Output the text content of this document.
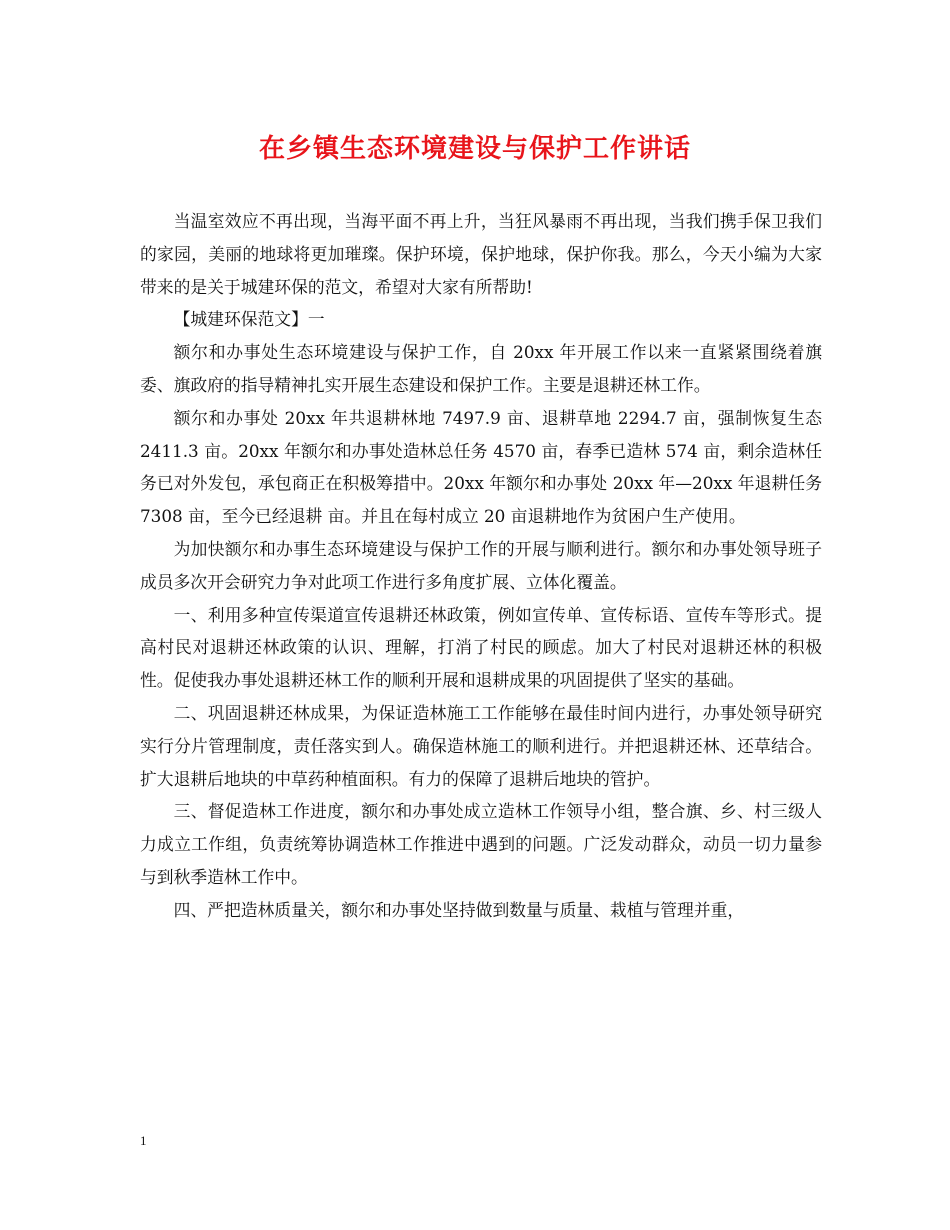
在乡镇生态环境建设与保护工作讲话

当温室效应不再出现，当海平面不再上升，当狂风暴雨不再出现，当我们携手保卫我们的家园，美丽的地球将更加璀璨。保护环境，保护地球，保护你我。那么，今天小编为大家带来的是关于城建环保的范文，希望对大家有所帮助!

【城建环保范文】一

额尔和办事处生态环境建设与保护工作，自 20xx 年开展工作以来一直紧紧围绕着旗委、旗政府的指导精神扎实开展生态建设和保护工作。主要是退耕还林工作。

额尔和办事处 20xx 年共退耕林地 7497.9 亩、退耕草地 2294.7 亩，强制恢复生态 2411.3 亩。20xx 年额尔和办事处造林总任务 4570 亩，春季已造林 574 亩，剩余造林任务已对外发包，承包商正在积极筹措中。20xx 年额尔和办事处 20xx 年—20xx 年退耕任务 7308 亩，至今已经退耕 亩。并且在每村成立 20 亩退耕地作为贫困户生产使用。

为加快额尔和办事生态环境建设与保护工作的开展与顺利进行。额尔和办事处领导班子成员多次开会研究力争对此项工作进行多角度扩展、立体化覆盖。

一、利用多种宣传渠道宣传退耕还林政策，例如宣传单、宣传标语、宣传车等形式。提高村民对退耕还林政策的认识、理解，打消了村民的顾虑。加大了村民对退耕还林的积极性。促使我办事处退耕还林工作的顺利开展和退耕成果的巩固提供了坚实的基础。

二、巩固退耕还林成果，为保证造林施工工作能够在最佳时间内进行，办事处领导研究实行分片管理制度，责任落实到人。确保造林施工的顺利进行。并把退耕还林、还草结合。扩大退耕后地块的中草药种植面积。有力的保障了退耕后地块的管护。

三、督促造林工作进度，额尔和办事处成立造林工作领导小组，整合旗、乡、村三级人力成立工作组，负责统筹协调造林工作推进中遇到的问题。广泛发动群众，动员一切力量参与到秋季造林工作中。

四、严把造林质量关，额尔和办事处坚持做到数量与质量、栽植与管理并重，

1
